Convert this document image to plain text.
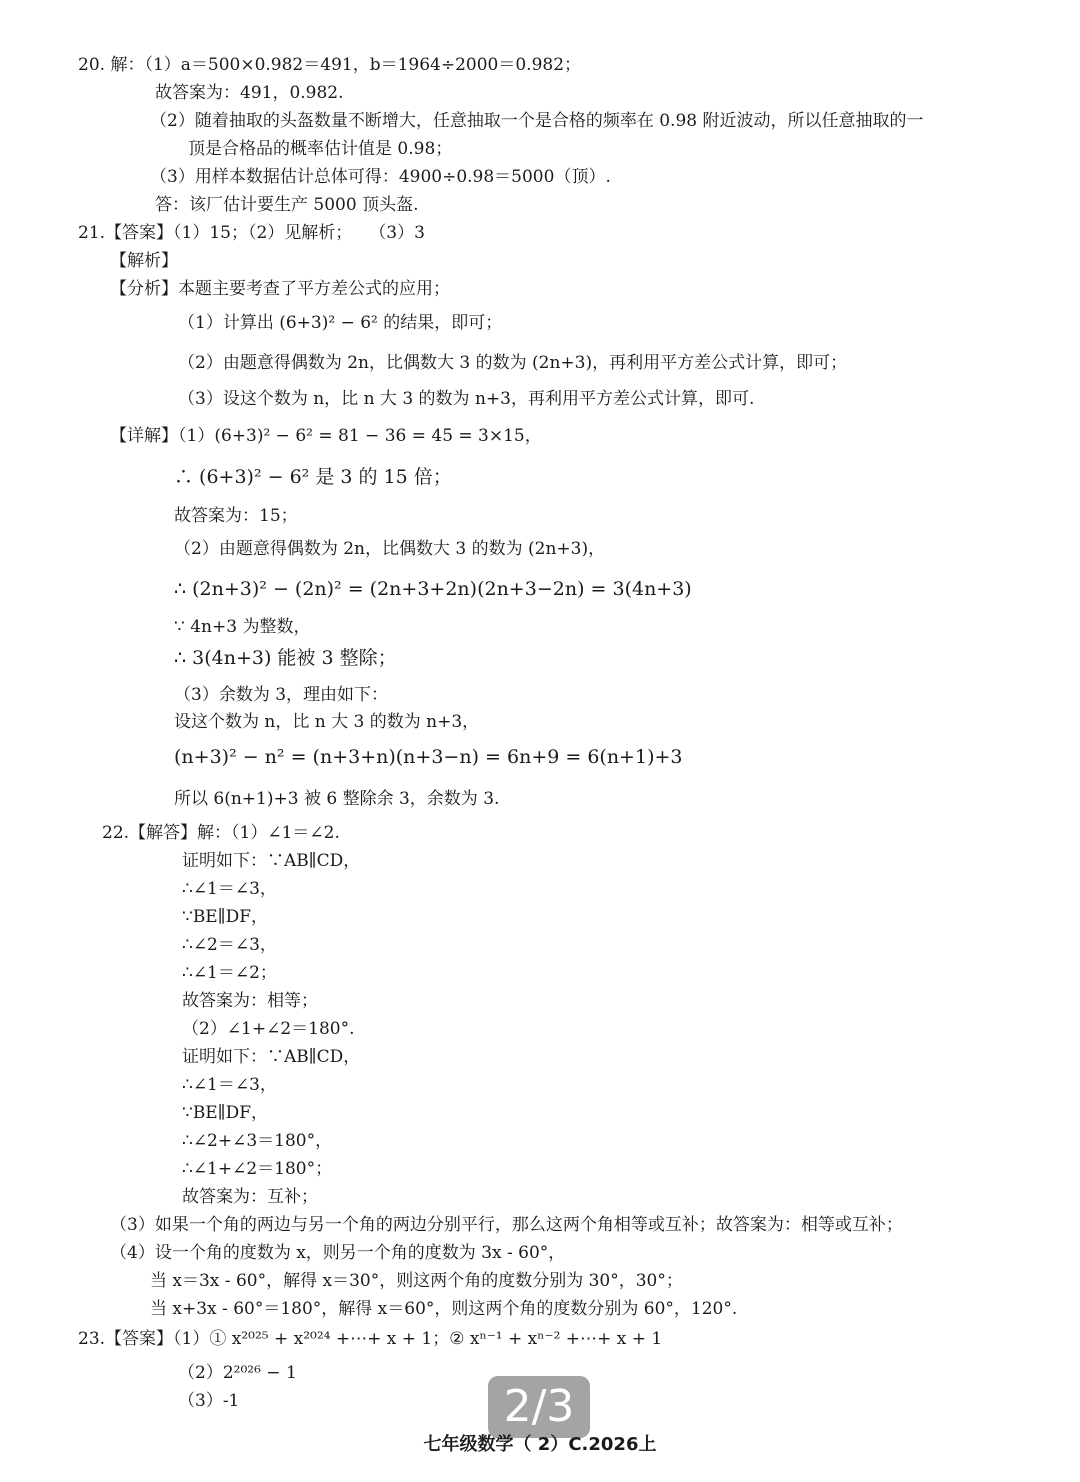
20. 解：（1）a＝500×0.982＝491，b＝1964÷2000＝0.982；
故答案为：491，0.982.
（2）随着抽取的头盔数量不断增大，任意抽取一个是合格的频率在 0.98 附近波动，所以任意抽取的一
顶是合格品的概率估计值是 0.98；
（3）用样本数据估计总体可得：4900÷0.98＝5000（顶）.
答：该厂估计要生产 5000 顶头盔.
21.【答案】（1）15；（2）见解析；　　（3）3
【解析】
【分析】本题主要考查了平方差公式的应用；
（1）计算出 (6+3)² − 6² 的结果，即可；
（2）由题意得偶数为 2n，比偶数大 3 的数为 (2n+3)，再利用平方差公式计算，即可；
（3）设这个数为 n，比 n 大 3 的数为 n+3，再利用平方差公式计算，即可.
【详解】（1）(6+3)² − 6² = 81 − 36 = 45 = 3×15，
∴ (6+3)² − 6² 是 3 的 15 倍；
故答案为：15；
（2）由题意得偶数为 2n，比偶数大 3 的数为 (2n+3)，
∴ (2n+3)² − (2n)² = (2n+3+2n)(2n+3−2n) = 3(4n+3)
∵ 4n+3 为整数，
∴ 3(4n+3) 能被 3 整除；
（3）余数为 3，理由如下：
设这个数为 n，比 n 大 3 的数为 n+3，
(n+3)² − n² = (n+3+n)(n+3−n) = 6n+9 = 6(n+1)+3
所以 6(n+1)+3 被 6 整除余 3，余数为 3.
22.【解答】解：（1）∠1＝∠2.
证明如下：∵AB∥CD，
∴∠1＝∠3，
∵BE∥DF，
∴∠2＝∠3，
∴∠1＝∠2；
故答案为：相等；
（2）∠1+∠2＝180°.
证明如下：∵AB∥CD，
∴∠1＝∠3，
∵BE∥DF，
∴∠2+∠3＝180°，
∴∠1+∠2＝180°；
故答案为：互补；
（3）如果一个角的两边与另一个角的两边分别平行，那么这两个角相等或互补；故答案为：相等或互补；
（4）设一个角的度数为 x，则另一个角的度数为 3x - 60°，
当 x＝3x - 60°，解得 x＝30°，则这两个角的度数分别为 30°，30°；
当 x+3x - 60°＝180°，解得 x＝60°，则这两个角的度数分别为 60°，120°.
23.【答案】（1）① x²⁰²⁵ + x²⁰²⁴ +⋯+ x + 1；② xⁿ⁻¹ + xⁿ⁻² +⋯+ x + 1
（2）2²⁰²⁶ − 1
（3）-1	2/3
七年级数学（ 2）C.2026上
